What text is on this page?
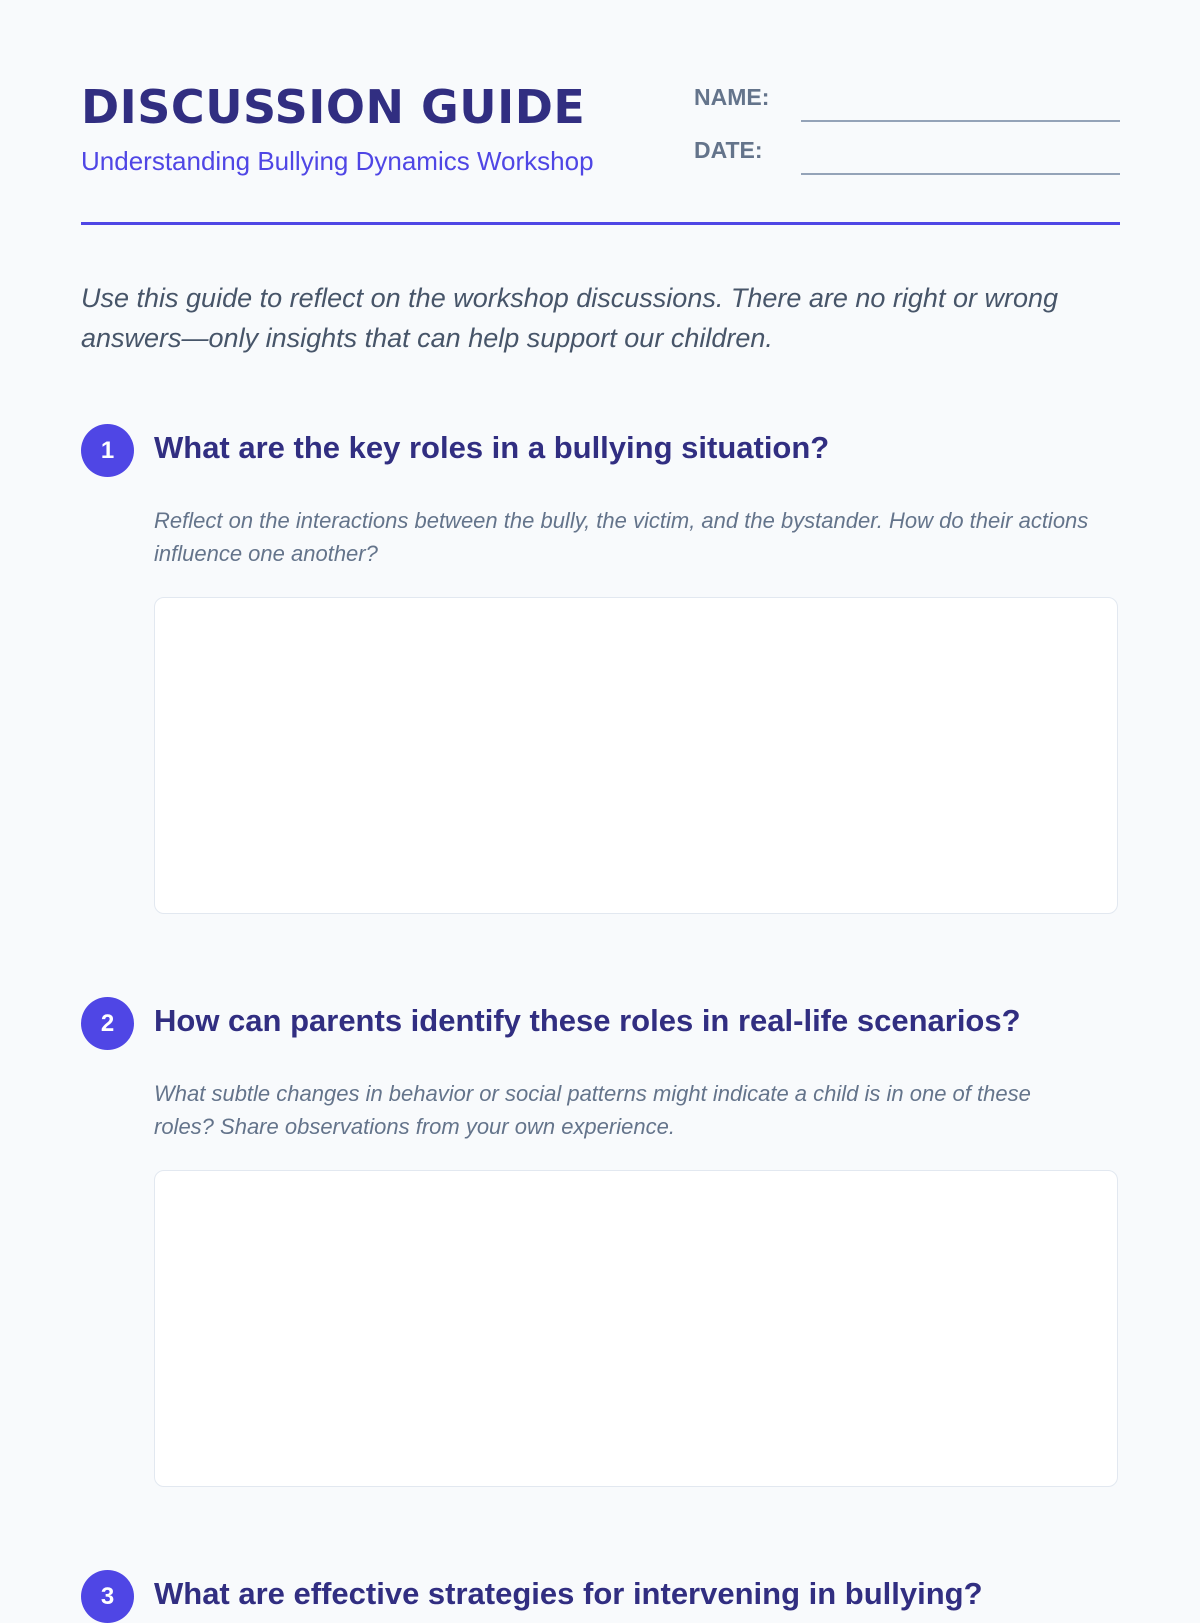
DISCUSSION GUIDE
Understanding Bullying Dynamics Workshop
NAME:
DATE:

Use this guide to reflect on the workshop discussions. There are no right or wrong answers—only insights that can help support our children.

1	What are the key roles in a bullying situation?

Reflect on the interactions between the bully, the victim, and the bystander. How do their actions influence one another?

2	How can parents identify these roles in real-life scenarios?

What subtle changes in behavior or social patterns might indicate a child is in one of these roles? Share observations from your own experience.

3	What are effective strategies for intervening in bullying?
